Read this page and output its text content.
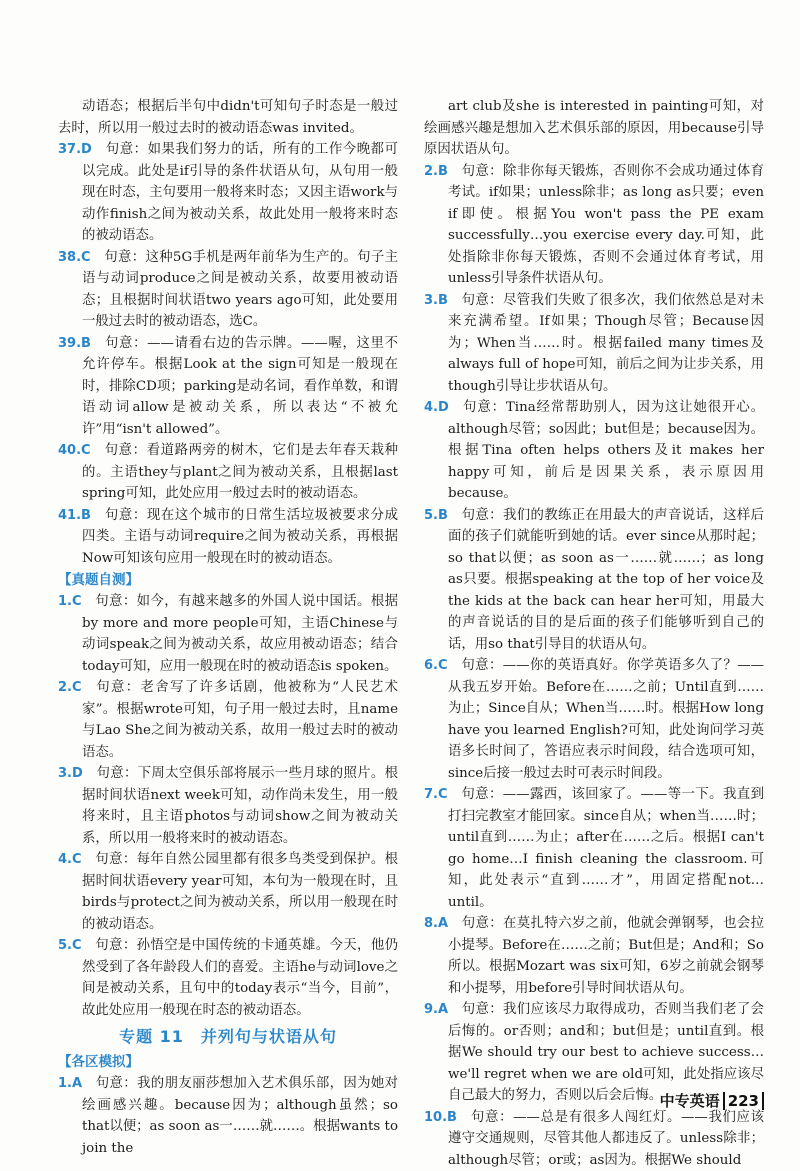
动语态；根据后半句中didn't可知句子时态是一般过去时，所以用一般过去时的被动语态was invited。

37.D  句意：如果我们努力的话，所有的工作今晚都可以完成。此处是if引导的条件状语从句，从句用一般现在时态，主句要用一般将来时态；又因主语work与动作finish之间为被动关系，故此处用一般将来时态的被动语态。

38.C  句意：这种5G手机是两年前华为生产的。句子主语与动词produce之间是被动关系，故要用被动语态；且根据时间状语two years ago可知，此处要用一般过去时的被动语态，选C。

39.B  句意：——请看右边的告示牌。——喔，这里不允许停车。根据Look at the sign可知是一般现在时，排除CD项；parking是动名词，看作单数，和谓语动词allow是被动关系，所以表达“不被允许”用“isn't allowed”。

40.C  句意：看道路两旁的树木，它们是去年春天栽种的。主语they与plant之间为被动关系，且根据last spring可知，此处应用一般过去时的被动语态。

41.B  句意：现在这个城市的日常生活垃圾被要求分成四类。主语与动词require之间为被动关系，再根据Now可知该句应用一般现在时的被动语态。

【真题自测】

1.C  句意：如今，有越来越多的外国人说中国话。根据by more and more people可知，主语Chinese与动词speak之间为被动关系，故应用被动语态；结合today可知，应用一般现在时的被动语态is spoken。

2.C  句意：老舍写了许多话剧，他被称为“人民艺术家”。根据wrote可知，句子用一般过去时，且name与Lao She之间为被动关系，故用一般过去时的被动语态。

3.D  句意：下周太空俱乐部将展示一些月球的照片。根据时间状语next week可知，动作尚未发生，用一般将来时，且主语photos与动词show之间为被动关系，所以用一般将来时的被动语态。

4.C  句意：每年自然公园里都有很多鸟类受到保护。根据时间状语every year可知，本句为一般现在时，且birds与protect之间为被动关系，所以用一般现在时的被动语态。

5.C  句意：孙悟空是中国传统的卡通英雄。今天，他仍然受到了各年龄段人们的喜爱。主语he与动词love之间是被动关系，且句中的today表示“当今，目前”，故此处应用一般现在时态的被动语态。

专题 11　并列句与状语从句

【各区模拟】

1.A  句意：我的朋友丽莎想加入艺术俱乐部，因为她对绘画感兴趣。because因为；although虽然；so that以便；as soon as一……就……。根据wants to join the

art club及she is interested in painting可知，对绘画感兴趣是想加入艺术俱乐部的原因，用because引导原因状语从句。

2.B  句意：除非你每天锻炼，否则你不会成功通过体育考试。if如果；unless除非；as long as只要；even if即使。根据You won't pass the PE exam successfully…you exercise every day.可知，此处指除非你每天锻炼，否则不会通过体育考试，用unless引导条件状语从句。

3.B  句意：尽管我们失败了很多次，我们依然总是对未来充满希望。If如果；Though尽管；Because因为；When当……时。根据failed many times及always full of hope可知，前后之间为让步关系，用though引导让步状语从句。

4.D  句意：Tina经常帮助别人，因为这让她很开心。although尽管；so因此；but但是；because因为。根据Tina often helps others及it makes her happy可知，前后是因果关系，表示原因用because。

5.B  句意：我们的教练正在用最大的声音说话，这样后面的孩子们就能听到她的话。ever since从那时起；so that以便；as soon as一……就……；as long as只要。根据speaking at the top of her voice及the kids at the back can hear her可知，用最大的声音说话的目的是后面的孩子们能够听到自己的话，用so that引导目的状语从句。

6.C  句意：——你的英语真好。你学英语多久了？——从我五岁开始。Before在……之前；Until直到……为止；Since自从；When当……时。根据How long have you learned English?可知，此处询问学习英语多长时间了，答语应表示时间段，结合选项可知，since后接一般过去时可表示时间段。

7.C  句意：——露西，该回家了。——等一下。我直到打扫完教室才能回家。since自从；when当……时；until直到……为止；after在……之后。根据I can't go home…I finish cleaning the classroom.可知，此处表示“直到……才”，用固定搭配not…until。

8.A  句意：在莫扎特六岁之前，他就会弹钢琴，也会拉小提琴。Before在……之前；But但是；And和；So所以。根据Mozart was six可知，6岁之前就会钢琴和小提琴，用before引导时间状语从句。

9.A  句意：我们应该尽力取得成功，否则当我们老了会后悔的。or否则；and和；but但是；until直到。根据We should try our best to achieve success… we'll regret when we are old可知，此处指应该尽自己最大的努力，否则以后会后悔。

10.B  句意：——总是有很多人闯红灯。——我们应该遵守交通规则，尽管其他人都违反了。unless除非；although尽管；or或；as因为。根据We should

中专英语 223
